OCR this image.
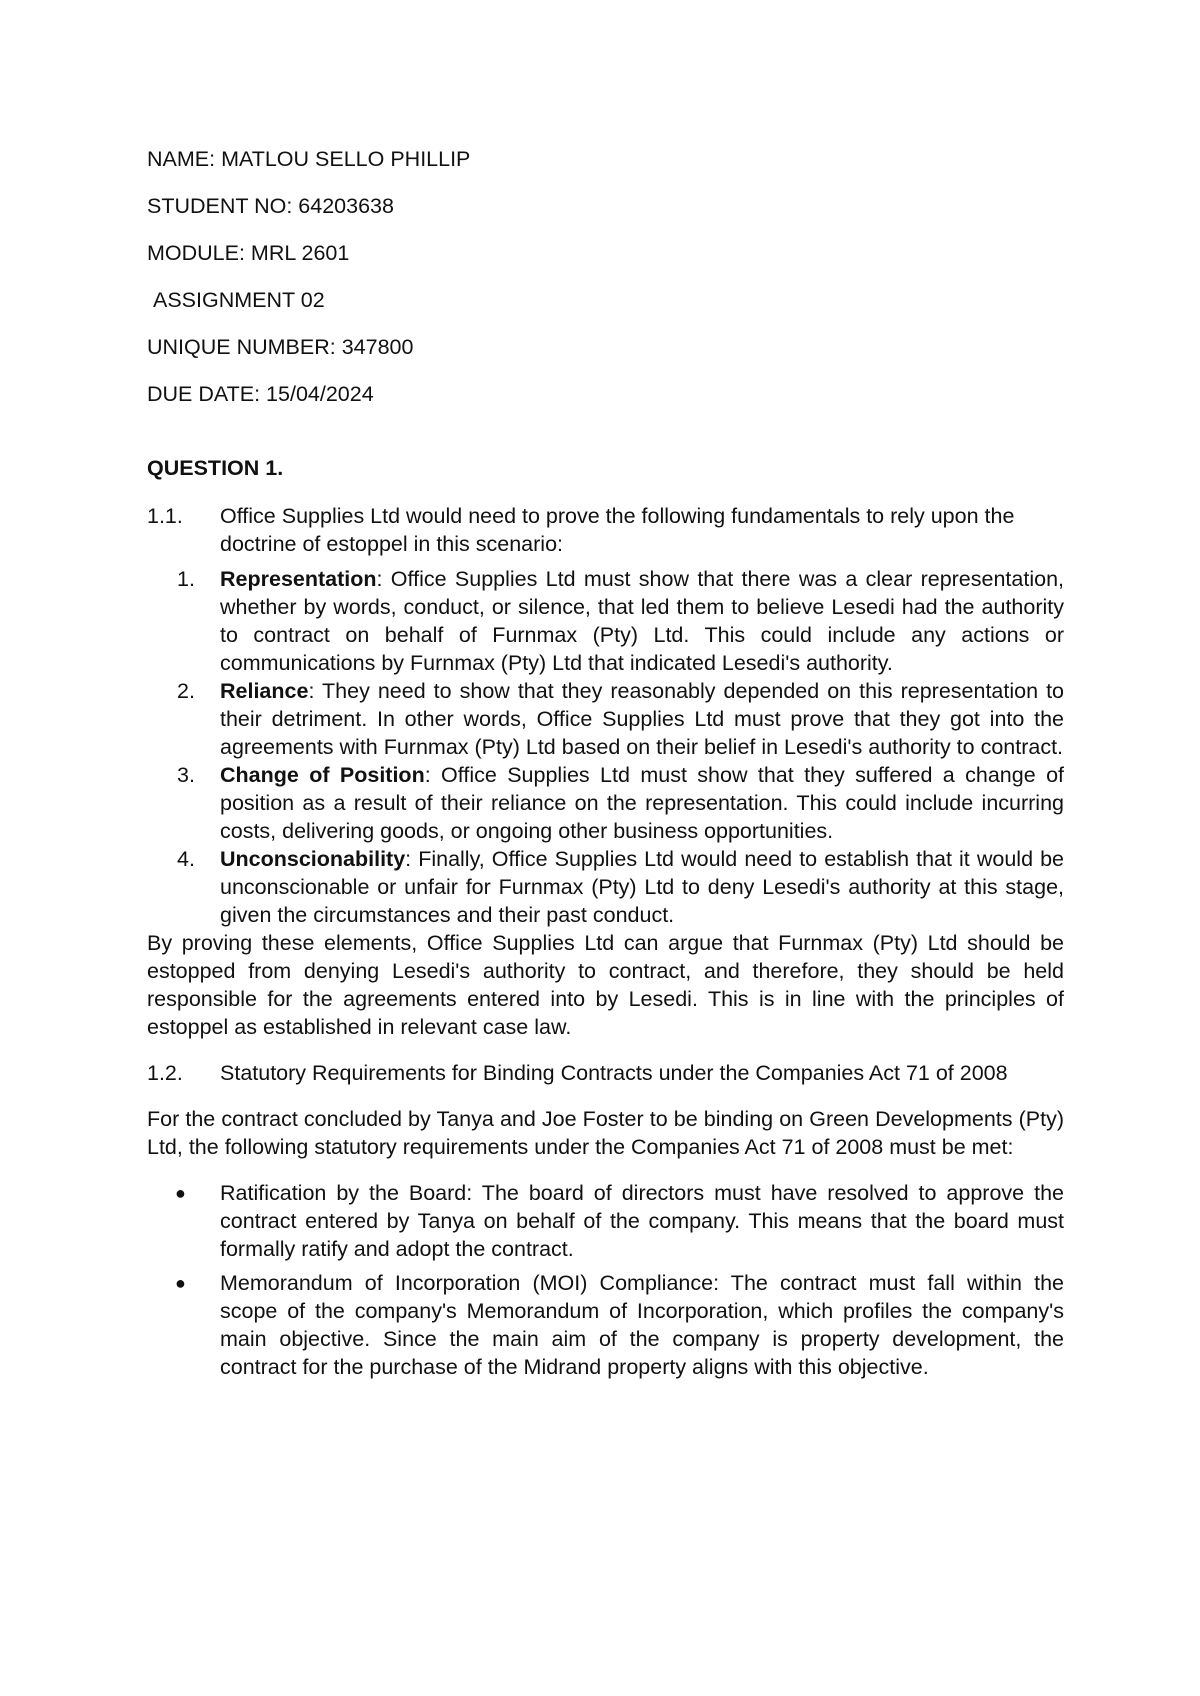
NAME: MATLOU SELLO PHILLIP
STUDENT NO: 64203638
MODULE: MRL 2601
ASSIGNMENT 02
UNIQUE NUMBER: 347800
DUE DATE: 15/04/2024
QUESTION 1.
1.1. Office Supplies Ltd would need to prove the following fundamentals to rely upon the doctrine of estoppel in this scenario:
1. Representation: Office Supplies Ltd must show that there was a clear representation, whether by words, conduct, or silence, that led them to believe Lesedi had the authority to contract on behalf of Furnmax (Pty) Ltd. This could include any actions or communications by Furnmax (Pty) Ltd that indicated Lesedi's authority.
2. Reliance: They need to show that they reasonably depended on this representation to their detriment. In other words, Office Supplies Ltd must prove that they got into the agreements with Furnmax (Pty) Ltd based on their belief in Lesedi's authority to contract.
3. Change of Position: Office Supplies Ltd must show that they suffered a change of position as a result of their reliance on the representation. This could include incurring costs, delivering goods, or ongoing other business opportunities.
4. Unconscionability: Finally, Office Supplies Ltd would need to establish that it would be unconscionable or unfair for Furnmax (Pty) Ltd to deny Lesedi's authority at this stage, given the circumstances and their past conduct.

By proving these elements, Office Supplies Ltd can argue that Furnmax (Pty) Ltd should be estopped from denying Lesedi's authority to contract, and therefore, they should be held responsible for the agreements entered into by Lesedi. This is in line with the principles of estoppel as established in relevant case law.

1.2. Statutory Requirements for Binding Contracts under the Companies Act 71 of 2008

For the contract concluded by Tanya and Joe Foster to be binding on Green Developments (Pty) Ltd, the following statutory requirements under the Companies Act 71 of 2008 must be met:

● Ratification by the Board: The board of directors must have resolved to approve the contract entered by Tanya on behalf of the company. This means that the board must formally ratify and adopt the contract.
● Memorandum of Incorporation (MOI) Compliance: The contract must fall within the scope of the company's Memorandum of Incorporation, which profiles the company's main objective. Since the main aim of the company is property development, the contract for the purchase of the Midrand property aligns with this objective.
